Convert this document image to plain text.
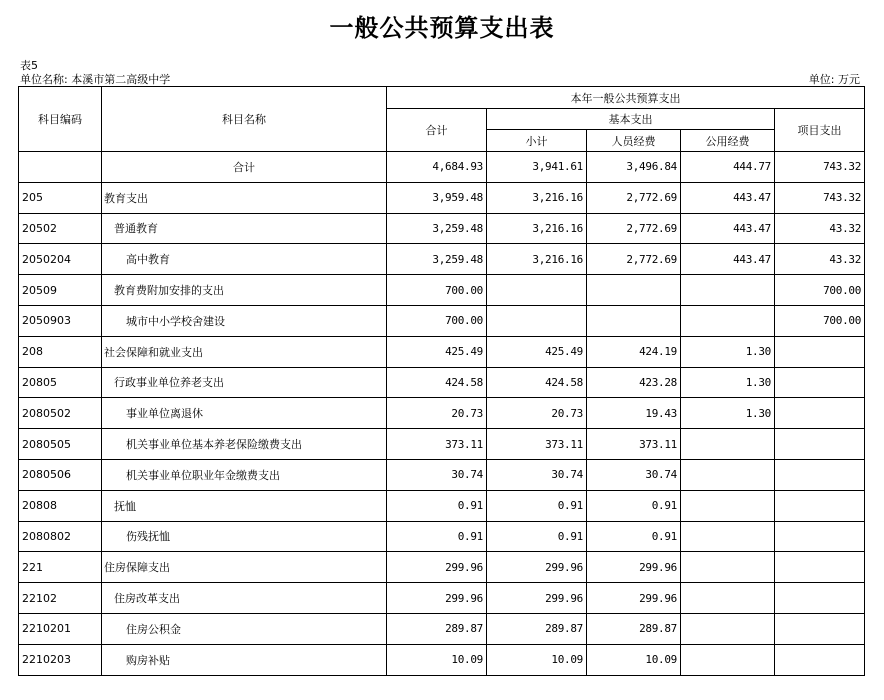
一般公共预算支出表
表5
单位名称: 本溪市第二高级中学	单位: 万元
科目编码	科目名称	本年一般公共预算支出				
		合计	基本支出			项目支出
			小计	人员经费	公用经费	
	合计	4,684.93	3,941.61	3,496.84	444.77	743.32
205	教育支出	3,959.48	3,216.16	2,772.69	443.47	743.32
20502	普通教育	3,259.48	3,216.16	2,772.69	443.47	43.32
2050204	高中教育	3,259.48	3,216.16	2,772.69	443.47	43.32
20509	教育费附加安排的支出	700.00				700.00
2050903	城市中小学校舍建设	700.00				700.00
208	社会保障和就业支出	425.49	425.49	424.19	1.30	
20805	行政事业单位养老支出	424.58	424.58	423.28	1.30	
2080502	事业单位离退休	20.73	20.73	19.43	1.30	
2080505	机关事业单位基本养老保险缴费支出	373.11	373.11	373.11		
2080506	机关事业单位职业年金缴费支出	30.74	30.74	30.74		
20808	抚恤	0.91	0.91	0.91		
2080802	伤残抚恤	0.91	0.91	0.91		
221	住房保障支出	299.96	299.96	299.96		
22102	住房改革支出	299.96	299.96	299.96		
2210201	住房公积金	289.87	289.87	289.87		
2210203	购房补贴	10.09	10.09	10.09		
